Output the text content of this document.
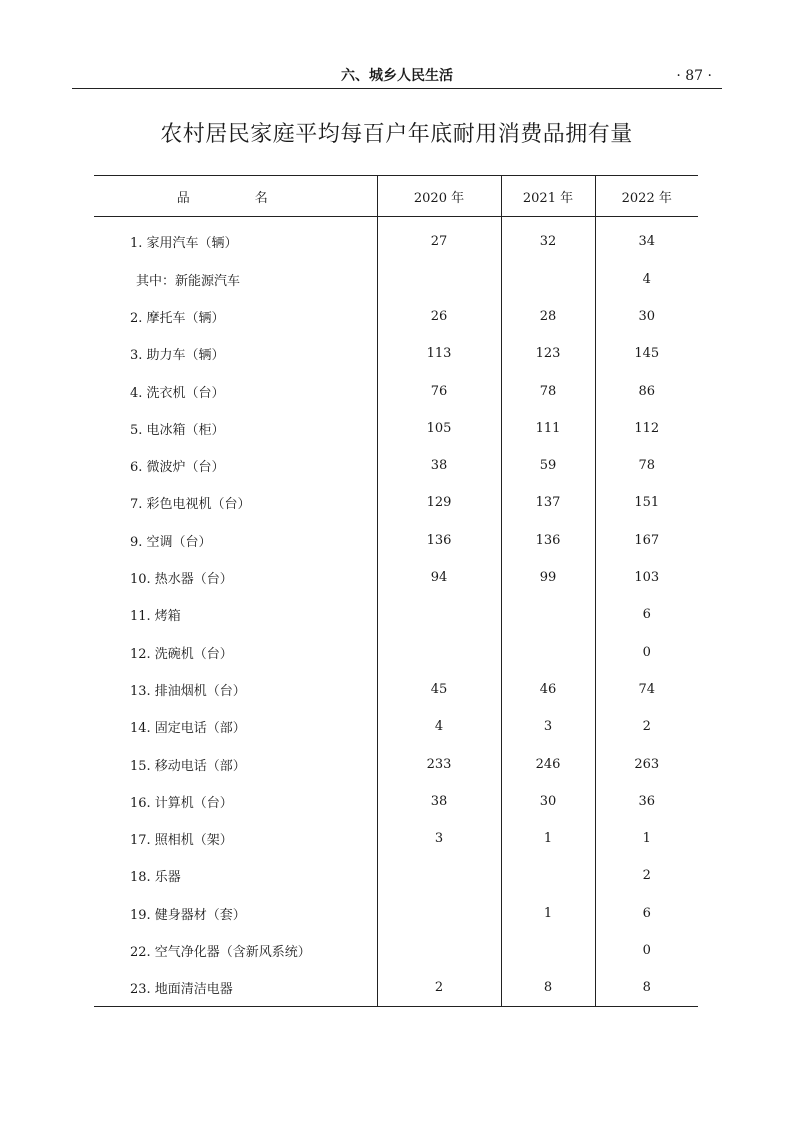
六、城乡人民生活	· 87 ·
农村居民家庭平均每百户年底耐用消费品拥有量
品　名	2020 年	2021 年	2022 年
1. 家用汽车（辆）	27	32	34
其中：新能源汽车			4
2. 摩托车（辆）	26	28	30
3. 助力车（辆）	113	123	145
4. 洗衣机（台）	76	78	86
5. 电冰箱（柜）	105	111	112
6. 微波炉（台）	38	59	78
7. 彩色电视机（台）	129	137	151
9. 空调（台）	136	136	167
10. 热水器（台）	94	99	103
11. 烤箱			6
12. 洗碗机（台）			0
13. 排油烟机（台）	45	46	74
14. 固定电话（部）	4	3	2
15. 移动电话（部）	233	246	263
16. 计算机（台）	38	30	36
17. 照相机（架）	3	1	1
18. 乐器			2
19. 健身器材（套）		1	6
22. 空气净化器（含新风系统）			0
23. 地面清洁电器	2	8	8
